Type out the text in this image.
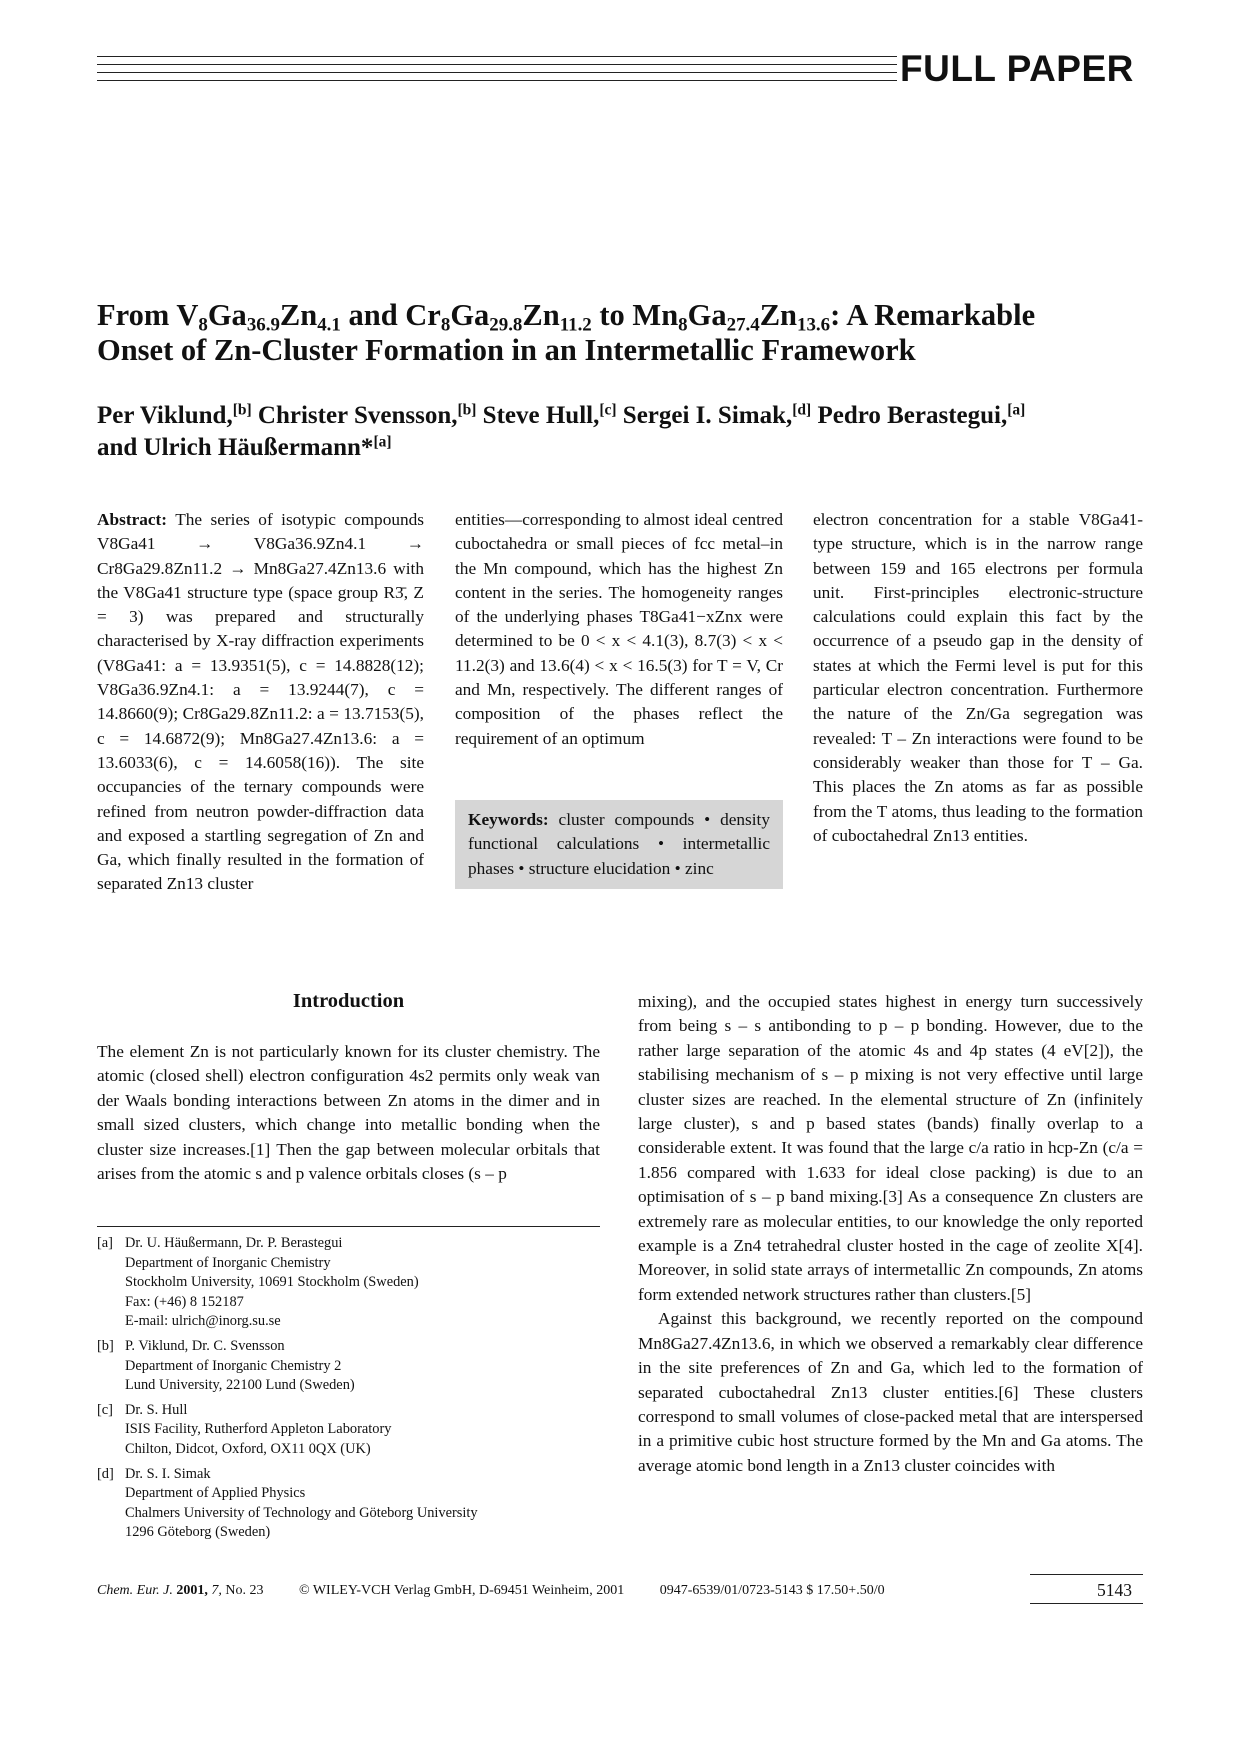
FULL PAPER
From $V_8Ga_{36.9}Zn_{4.1}$ and $Cr_8Ga_{29.8}Zn_{11.2}$ to $Mn_8Ga_{27.4}Zn_{13.6}$: A Remarkable
Onset of Zn-Cluster Formation in an Intermetallic Framework
Per Viklund,[b] Christer Svensson,[b] Steve Hull,[c] Sergei I. Simak,[d] Pedro Berastegui,[a]
and Ulrich Häußermann*[a]

Abstract: The series of isotypic compounds V8Ga41 → V8Ga36.9Zn4.1 → Cr8Ga29.8Zn11.2 → Mn8Ga27.4Zn13.6 with the V8Ga41 structure type (space group R3̄, Z = 3) was prepared and structurally characterised by X-ray diffraction experiments (V8Ga41: a = 13.9351(5), c = 14.8828(12); V8Ga36.9Zn4.1: a = 13.9244(7), c = 14.8660(9); Cr8Ga29.8Zn11.2: a = 13.7153(5), c = 14.6872(9); Mn8Ga27.4Zn13.6: a = 13.6033(6), c = 14.6058(16)). The site occupancies of the ternary compounds were refined from neutron powder-diffraction data and exposed a startling segregation of Zn and Ga, which finally resulted in the formation of separated Zn13 cluster

entities—corresponding to almost ideal centred cuboctahedra or small pieces of fcc metal–in the Mn compound, which has the highest Zn content in the series. The homogeneity ranges of the underlying phases T8Ga41−xZnx were determined to be 0 < x < 4.1(3), 8.7(3) < x < 11.2(3) and 13.6(4) < x < 16.5(3) for T = V, Cr and Mn, respectively. The different ranges of composition of the phases reflect the requirement of an optimum

Keywords: cluster compounds • density functional calculations • intermetallic phases • structure elucidation • zinc

electron concentration for a stable V8Ga41-type structure, which is in the narrow range between 159 and 165 electrons per formula unit. First-principles electronic-structure calculations could explain this fact by the occurrence of a pseudo gap in the density of states at which the Fermi level is put for this particular electron concentration. Furthermore the nature of the Zn/Ga segregation was revealed: T – Zn interactions were found to be considerably weaker than those for T – Ga. This places the Zn atoms as far as possible from the T atoms, thus leading to the formation of cuboctahedral Zn13 entities.

Introduction

The element Zn is not particularly known for its cluster chemistry. The atomic (closed shell) electron configuration 4s2 permits only weak van der Waals bonding interactions between Zn atoms in the dimer and in small sized clusters, which change into metallic bonding when the cluster size increases.[1] Then the gap between molecular orbitals that arises from the atomic s and p valence orbitals closes (s – p

[a] Dr. U. Häußermann, Dr. P. Berastegui
Department of Inorganic Chemistry
Stockholm University, 10691 Stockholm (Sweden)
Fax: (+46) 8 152187
E-mail: ulrich@inorg.su.se
[b] P. Viklund, Dr. C. Svensson
Department of Inorganic Chemistry 2
Lund University, 22100 Lund (Sweden)
[c] Dr. S. Hull
ISIS Facility, Rutherford Appleton Laboratory
Chilton, Didcot, Oxford, OX11 0QX (UK)
[d] Dr. S. I. Simak
Department of Applied Physics
Chalmers University of Technology and Göteborg University
1296 Göteborg (Sweden)

mixing), and the occupied states highest in energy turn successively from being s – s antibonding to p – p bonding. However, due to the rather large separation of the atomic 4s and 4p states (4 eV[2]), the stabilising mechanism of s – p mixing is not very effective until large cluster sizes are reached. In the elemental structure of Zn (infinitely large cluster), s and p based states (bands) finally overlap to a considerable extent. It was found that the large c/a ratio in hcp-Zn (c/a = 1.856 compared with 1.633 for ideal close packing) is due to an optimisation of s – p band mixing.[3] As a consequence Zn clusters are extremely rare as molecular entities, to our knowledge the only reported example is a Zn4 tetrahedral cluster hosted in the cage of zeolite X[4]. Moreover, in solid state arrays of intermetallic Zn compounds, Zn atoms form extended network structures rather than clusters.[5]

Against this background, we recently reported on the compound Mn8Ga27.4Zn13.6, in which we observed a remarkably clear difference in the site preferences of Zn and Ga, which led to the formation of separated cuboctahedral Zn13 cluster entities.[6] These clusters correspond to small volumes of close-packed metal that are interspersed in a primitive cubic host structure formed by the Mn and Ga atoms. The average atomic bond length in a Zn13 cluster coincides with

Chem. Eur. J. 2001, 7, No. 23	© WILEY-VCH Verlag GmbH, D-69451 Weinheim, 2001	0947-6539/01/0723-5143 $ 17.50+.50/0	5143
